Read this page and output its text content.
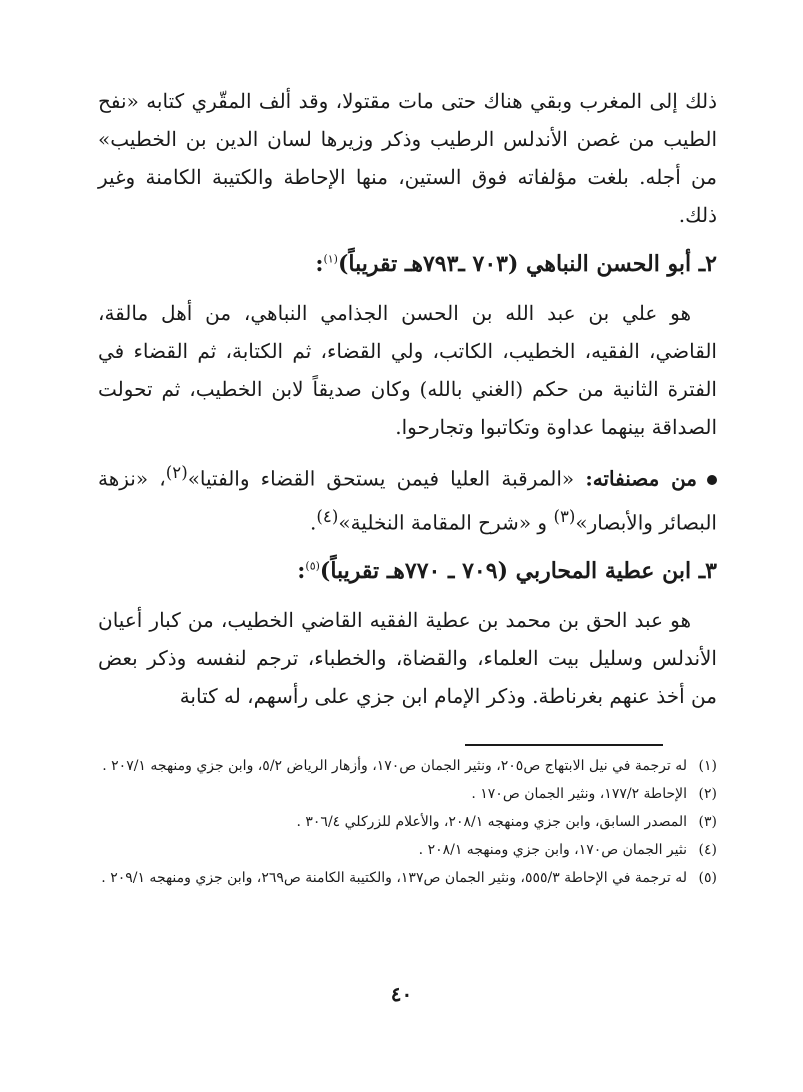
ذلك إلى المغرب وبقي هناك حتى مات مقتولا، وقد ألف المقّري كتابه «نفح الطيب من غصن الأندلس الرطيب وذكر وزيرها لسان الدين بن الخطيب» من أجله. بلغت مؤلفاته فوق الستين، منها الإحاطة والكتيبة الكامنة وغير ذلك.

٢ـ أبو الحسن النباهي (٧٠٣ ـ٧٩٣هـ تقريباً)$^{(١)}$:

هو علي بن عبد الله بن الحسن الجذامي النباهي، من أهل مالقة، القاضي، الفقيه، الخطيب، الكاتب، ولي القضاء، ثم الكتابة، ثم القضاء في الفترة الثانية من حكم (الغني بالله) وكان صديقاً لابن الخطيب، ثم تحولت الصداقة بينهما عداوة وتكاتبوا وتجارحوا.

من مصنفاته: «المرقبة العليا فيمن يستحق القضاء والفتيا»$^{(٢)}$، «نزهة البصائر والأبصار»$^{(٣)}$ و «شرح المقامة النخلية»$^{(٤)}$.

٣ـ ابن عطية المحاربي (٧٠٩ ـ ٧٧٠هـ تقريباً)$^{(٥)}$:

هو عبد الحق بن محمد بن عطية الفقيه القاضي الخطيب، من كبار أعيان الأندلس وسليل بيت العلماء، والقضاة، والخطباء، ترجم لنفسه وذكر بعض من أخذ عنهم بغرناطة. وذكر الإمام ابن جزي على رأسهم، له كتابة

(١)له ترجمة في نيل الابتهاج ص٢٠٥، ونثير الجمان ص١٧٠، وأزهار الرياض ٥/٢، وابن جزي ومنهجه ٢٠٧/١ .

(٢)الإحاطة ١٧٧/٢، ونثير الجمان ص١٧٠ .

(٣)المصدر السابق، وابن جزي ومنهجه ٢٠٨/١، والأعلام للزركلي ٣٠٦/٤ .

(٤)نثير الجمان ص١٧٠، وابن جزي ومنهجه ٢٠٨/١ .

(٥)له ترجمة في الإحاطة ٥٥٥/٣، ونثير الجمان ص١٣٧، والكتيبة الكامنة ص٢٦٩، وابن جزي ومنهجه ٢٠٩/١ .

٤٠
